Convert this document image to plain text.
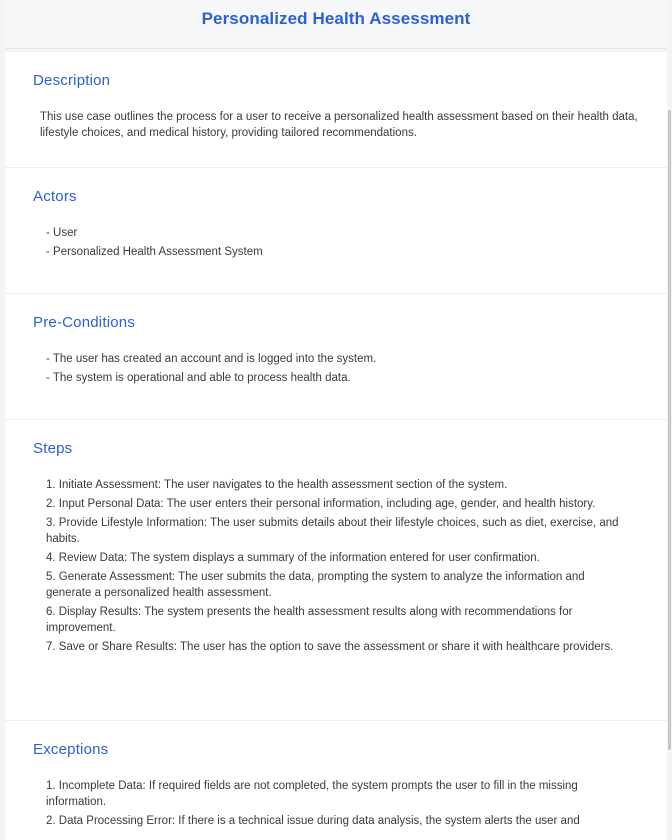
Personalized Health Assessment
Description

This use case outlines the process for a user to receive a personalized health assessment based on their health data, lifestyle choices, and medical history, providing tailored recommendations.

Actors
- User
- Personalized Health Assessment System
Pre-Conditions
- The user has created an account and is logged into the system.
- The system is operational and able to process health data.
Steps
1. Initiate Assessment: The user navigates to the health assessment section of the system.
2. Input Personal Data: The user enters their personal information, including age, gender, and health history.
3. Provide Lifestyle Information: The user submits details about their lifestyle choices, such as diet, exercise, and habits.
4. Review Data: The system displays a summary of the information entered for user confirmation.
5. Generate Assessment: The user submits the data, prompting the system to analyze the information and generate a personalized health assessment.
6. Display Results: The system presents the health assessment results along with recommendations for improvement.
7. Save or Share Results: The user has the option to save the assessment or share it with healthcare providers.
Exceptions
1. Incomplete Data: If required fields are not completed, the system prompts the user to fill in the missing information.
2. Data Processing Error: If there is a technical issue during data analysis, the system alerts the user and
